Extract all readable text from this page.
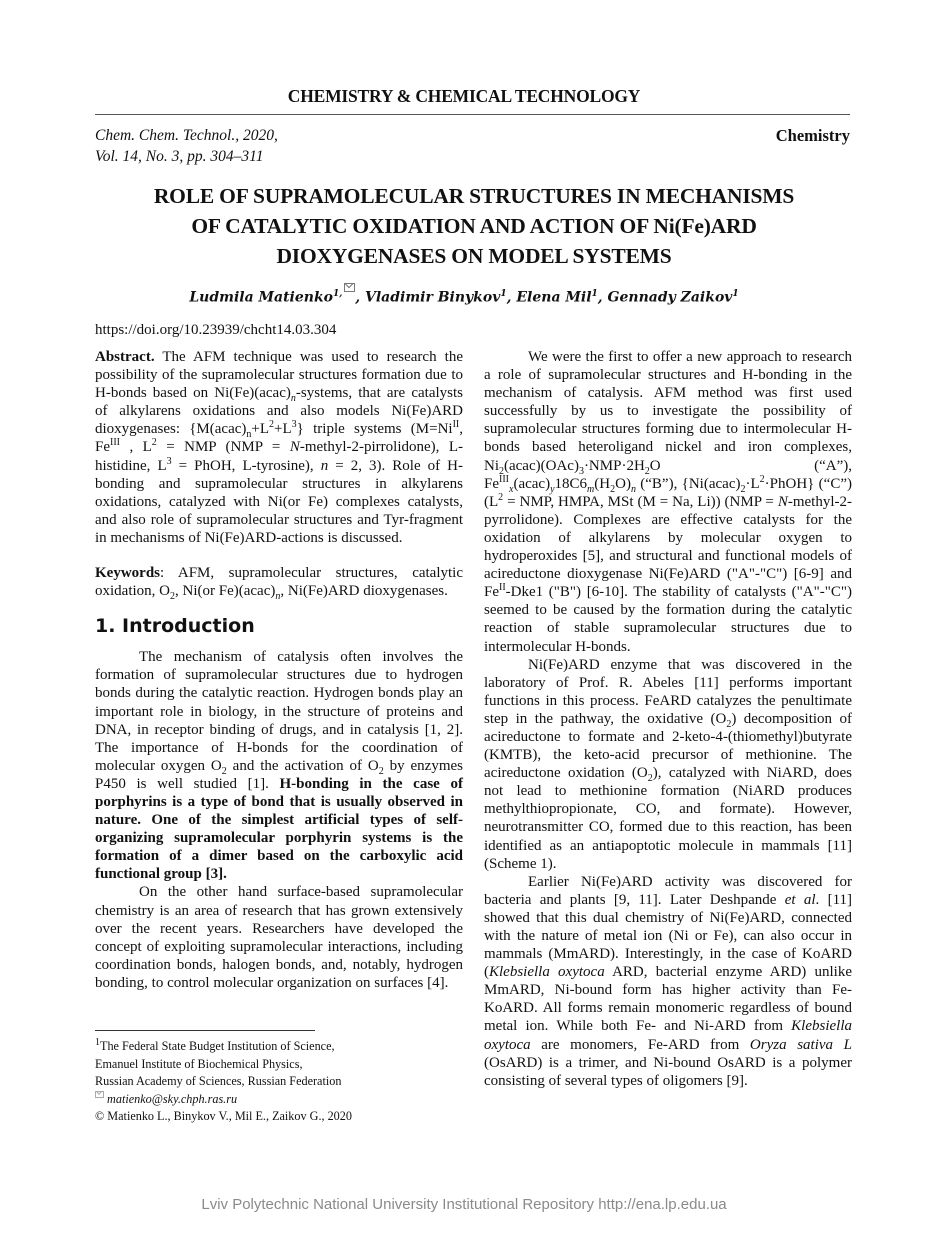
CHEMISTRY & CHEMICAL TECHNOLOGY
Chem. Chem. Technol., 2020,
Vol. 14, No. 3, pp. 304–311
Chemistry
ROLE OF SUPRAMOLECULAR STRUCTURES IN MECHANISMS
OF CATALYTIC OXIDATION AND ACTION OF Ni(Fe)ARD
DIOXYGENASES ON MODEL SYSTEMS
Ludmila Matienko$^{1,}$  , Vladimir Binykov$^1$, Elena Mil$^1$, Gennady Zaikov$^1$
https://doi.org/10.23939/chcht14.03.304

Abstract. The AFM technique was used to research the possibility of the supramolecular structures formation due to H-bonds based on $Ni(Fe)(acac)_n$-systems, that are catalysts of alkylarens oxidations and also models Ni(Fe)ARD dioxygenases: $\{M(acac)_n+L^2+L^3\}$ triple systems ($M=Ni^{II}$, $Fe^{III}$ , $L^2$ = NMP (NMP = N-methyl-2-pirrolidone), L-histidine, $L^3$ = PhOH, L-tyrosine), n = 2, 3). Role of H-bonding and supramolecular structures in alkylarens oxidations, catalyzed with Ni(or Fe) complexes catalysts, and also role of supramolecular structures and Tyr-fragment in mechanisms of Ni(Fe)ARD-actions is discussed.

Keywords: AFM, supramolecular structures, catalytic oxidation, $O_2$, Ni(or $Fe)(acac)_n$, Ni(Fe)ARD dioxygenases.

1. Introduction

The mechanism of catalysis often involves the formation of supramolecular structures due to hydrogen bonds during the catalytic reaction. Hydrogen bonds play an important role in biology, in the structure of proteins and DNA, in receptor binding of drugs, and in catalysis [1, 2]. The importance of H-bonds for the coordination of molecular oxygen $O_2$ and the activation of $O_2$ by enzymes P450 is well studied [1]. H-bonding in the case of porphyrins is a type of bond that is usually observed in nature. One of the simplest artificial types of self-organizing supramolecular porphyrin systems is the formation of a dimer based on the carboxylic acid functional group [3].

On the other hand surface-based supramolecular chemistry is an area of research that has grown extensively over the recent years. Researchers have developed the concept of exploiting supramolecular interactions, including coordination bonds, halogen bonds, and, notably, hydrogen bonding, to control molecular organization on surfaces [4].

We were the first to offer a new approach to research a role of supramolecular structures and H-bonding in the mechanism of catalysis. AFM method was first used successfully by us to investigate the possibility of supramolecular structures forming due to intermolecular H-bonds based heteroligand nickel and iron complexes, $Ni_2(acac)(OAc)_3\cdot NMP\cdot 2H_2O$ (“A”), $Fe^{III}_x(acac)_y18C6_m(H_2O)_n$ (“B”), $\{Ni(acac)_2\cdot L^2\cdot PhOH\}$ (“C”) ($L^2$ = NMP, HMPA, MSt (M = Na, Li)) (NMP = N-methyl-2-pyrrolidone). Complexes are effective catalysts for the oxidation of alkylarens by molecular oxygen to hydroperoxides [5], and structural and functional models of acireductone dioxygenase Ni(Fe)ARD ("A"-"C") [6-9] and $Fe^{II}-Dke1$ ("B") [6-10]. The stability of catalysts ("A"-"C") seemed to be caused by the formation during the catalytic reaction of stable supramolecular structures due to intermolecular H-bonds.

Ni(Fe)ARD enzyme that was discovered in the laboratory of Prof. R. Abeles [11] performs important functions in this process. FeARD catalyzes the penultimate step in the pathway, the oxidative $(O_2)$ decomposition of acireductone to formate and 2-keto-4-(thiomethyl)butyrate (KMTB), the keto-acid precursor of methionine. The acireductone oxidation $(O_2)$, catalyzed with NiARD, does not lead to methionine formation (NiARD produces methylthiopropionate, CO, and formate). However, neurotransmitter CO, formed due to this reaction, has been identified as an antiapoptotic molecule in mammals [11] (Scheme 1).

Earlier Ni(Fe)ARD activity was discovered for bacteria and plants [9, 11]. Later Deshpande et al. [11] showed that this dual chemistry of Ni(Fe)ARD, connected with the nature of metal ion (Ni or Fe), can also occur in mammals (MmARD). Interestingly, in the case of KoARD (Klebsiella oxytoca ARD, bacterial enzyme ARD) unlike MmARD, Ni-bound form has higher activity than Fe-KoARD. All forms remain monomeric regardless of bound metal ion. While both Fe- and Ni-ARD from Klebsiella oxytoca are monomers, Fe-ARD from Oryza sativa L (OsARD) is a trimer, and Ni-bound OsARD is a polymer consisting of several types of oligomers [9].

$^1$The Federal State Budget Institution of Science,
Emanuel Institute of Biochemical Physics,
Russian Academy of Sciences, Russian Federation
matienko@sky.chph.ras.ru
© Matienko L., Binykov V., Mil E., Zaikov G., 2020
Lviv Polytechnic National University Institutional Repository http://ena.lp.edu.ua
